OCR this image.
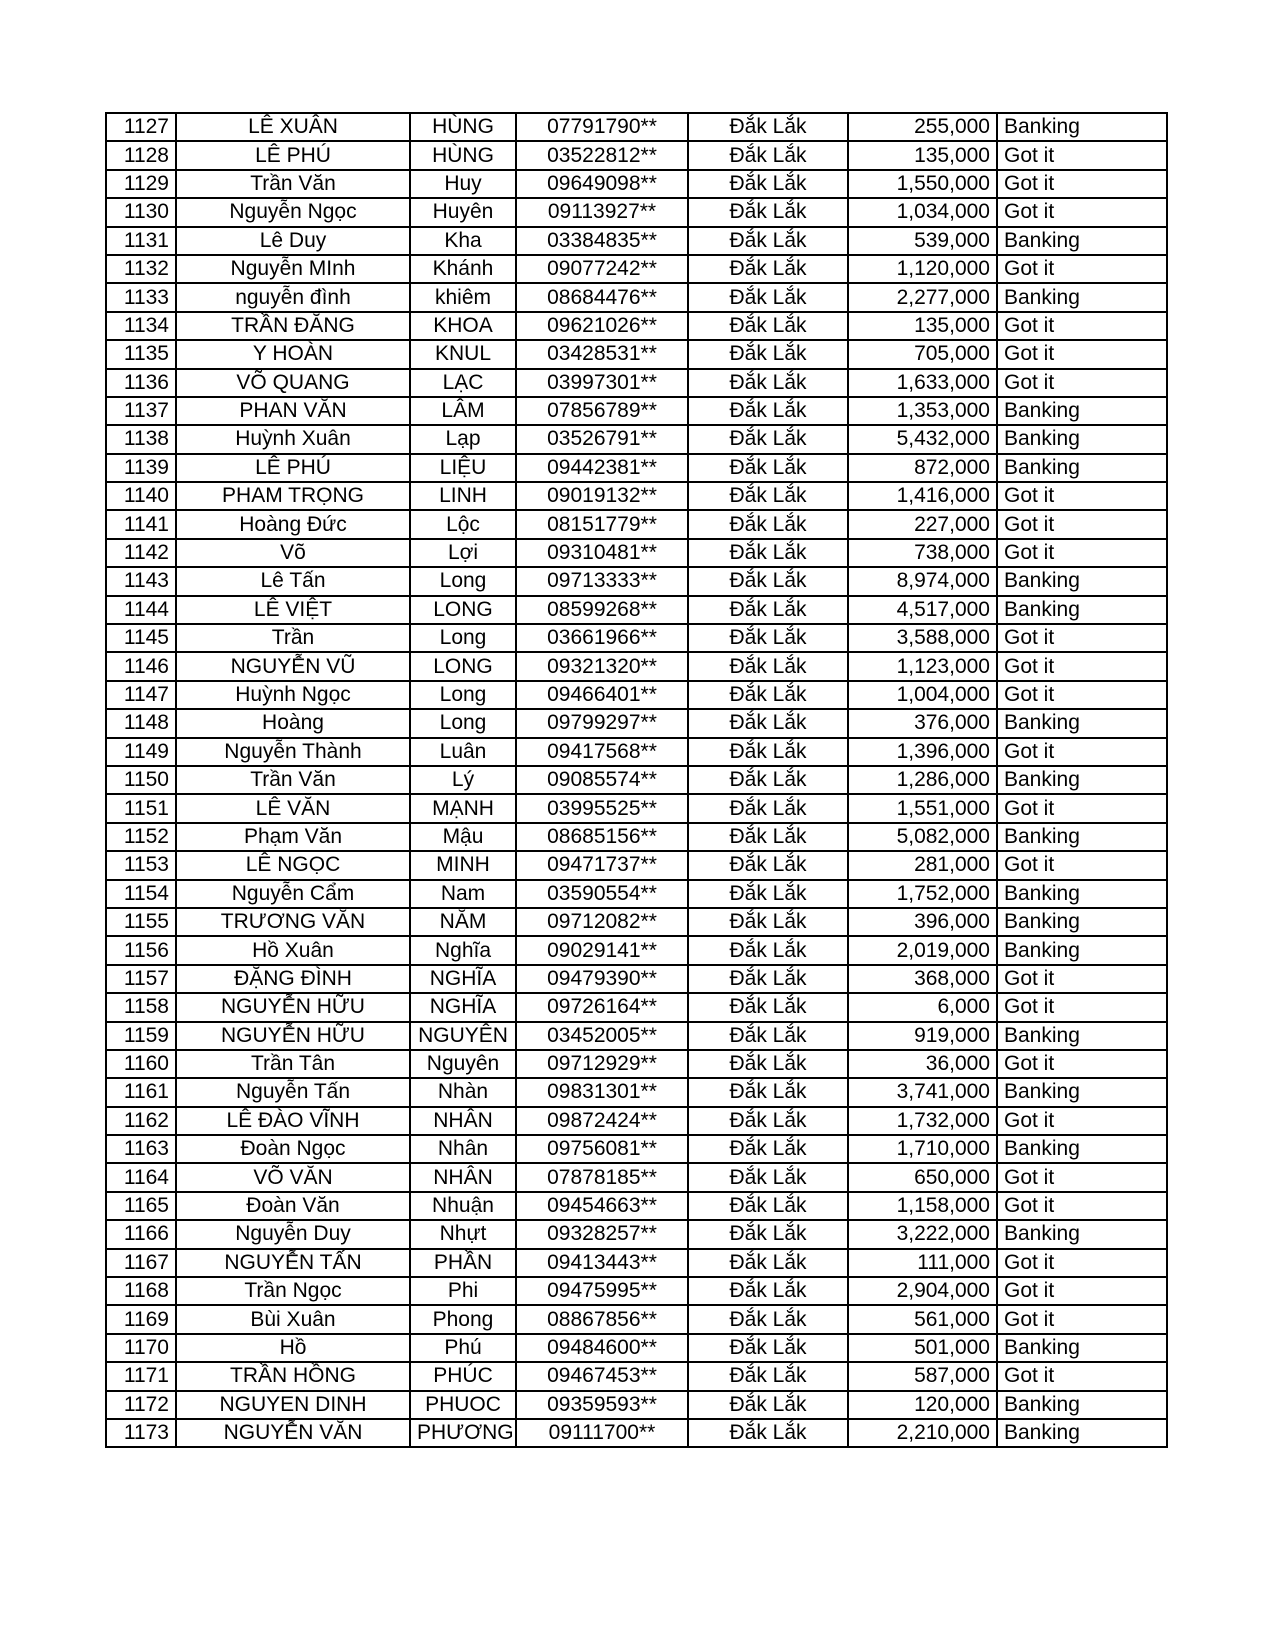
1127	LÊ XUÂN	HÙNG	07791790**	Đắk Lắk	255,000	Banking
1128	LÊ PHÚ	HÙNG	03522812**	Đắk Lắk	135,000	Got it
1129	Trần Văn	Huy	09649098**	Đắk Lắk	1,550,000	Got it
1130	Nguyễn Ngọc	Huyên	09113927**	Đắk Lắk	1,034,000	Got it
1131	Lê Duy	Kha	03384835**	Đắk Lắk	539,000	Banking
1132	Nguyễn MInh	Khánh	09077242**	Đắk Lắk	1,120,000	Got it
1133	nguyễn đình	khiêm	08684476**	Đắk Lắk	2,277,000	Banking
1134	TRẦN ĐĂNG	KHOA	09621026**	Đắk Lắk	135,000	Got it
1135	Y HOÀN	KNUL	03428531**	Đắk Lắk	705,000	Got it
1136	VÕ QUANG	LẠC	03997301**	Đắk Lắk	1,633,000	Got it
1137	PHAN VĂN	LÂM	07856789**	Đắk Lắk	1,353,000	Banking
1138	Huỳnh Xuân	Lạp	03526791**	Đắk Lắk	5,432,000	Banking
1139	LÊ PHÚ	LIỆU	09442381**	Đắk Lắk	872,000	Banking
1140	PHAM TRỌNG	LINH	09019132**	Đắk Lắk	1,416,000	Got it
1141	Hoàng Đức	Lộc	08151779**	Đắk Lắk	227,000	Got it
1142	Võ	Lợi	09310481**	Đắk Lắk	738,000	Got it
1143	Lê Tấn	Long	09713333**	Đắk Lắk	8,974,000	Banking
1144	LÊ VIỆT	LONG	08599268**	Đắk Lắk	4,517,000	Banking
1145	Trần	Long	03661966**	Đắk Lắk	3,588,000	Got it
1146	NGUYỄN VŨ	LONG	09321320**	Đắk Lắk	1,123,000	Got it
1147	Huỳnh Ngọc	Long	09466401**	Đắk Lắk	1,004,000	Got it
1148	Hoàng	Long	09799297**	Đắk Lắk	376,000	Banking
1149	Nguyễn Thành	Luân	09417568**	Đắk Lắk	1,396,000	Got it
1150	Trần Văn	Lý	09085574**	Đắk Lắk	1,286,000	Banking
1151	LÊ VĂN	MẠNH	03995525**	Đắk Lắk	1,551,000	Got it
1152	Phạm Văn	Mậu	08685156**	Đắk Lắk	5,082,000	Banking
1153	LÊ NGỌC	MINH	09471737**	Đắk Lắk	281,000	Got it
1154	Nguyễn Cẩm	Nam	03590554**	Đắk Lắk	1,752,000	Banking
1155	TRƯƠNG VĂN	NĂM	09712082**	Đắk Lắk	396,000	Banking
1156	Hồ Xuân	Nghĩa	09029141**	Đắk Lắk	2,019,000	Banking
1157	ĐẶNG ĐÌNH	NGHĨA	09479390**	Đắk Lắk	368,000	Got it
1158	NGUYỄN HỮU	NGHĨA	09726164**	Đắk Lắk	6,000	Got it
1159	NGUYỄN HỮU	NGUYÊN	03452005**	Đắk Lắk	919,000	Banking
1160	Trần Tân	Nguyên	09712929**	Đắk Lắk	36,000	Got it
1161	Nguyễn Tấn	Nhàn	09831301**	Đắk Lắk	3,741,000	Banking
1162	LÊ ĐÀO VĨNH	NHÂN	09872424**	Đắk Lắk	1,732,000	Got it
1163	Đoàn Ngọc	Nhân	09756081**	Đắk Lắk	1,710,000	Banking
1164	VÕ VĂN	NHÂN	07878185**	Đắk Lắk	650,000	Got it
1165	Đoàn Văn	Nhuận	09454663**	Đắk Lắk	1,158,000	Got it
1166	Nguyễn Duy	Nhựt	09328257**	Đắk Lắk	3,222,000	Banking
1167	NGUYỄN TẤN	PHẦN	09413443**	Đắk Lắk	111,000	Got it
1168	Trần Ngọc	Phi	09475995**	Đắk Lắk	2,904,000	Got it
1169	Bùi Xuân	Phong	08867856**	Đắk Lắk	561,000	Got it
1170	Hồ	Phú	09484600**	Đắk Lắk	501,000	Banking
1171	TRẦN HỒNG	PHÚC	09467453**	Đắk Lắk	587,000	Got it
1172	NGUYEN DINH	PHUOC	09359593**	Đắk Lắk	120,000	Banking
1173	NGUYỄN VĂN	PHƯƠNG	09111700**	Đắk Lắk	2,210,000	Banking
